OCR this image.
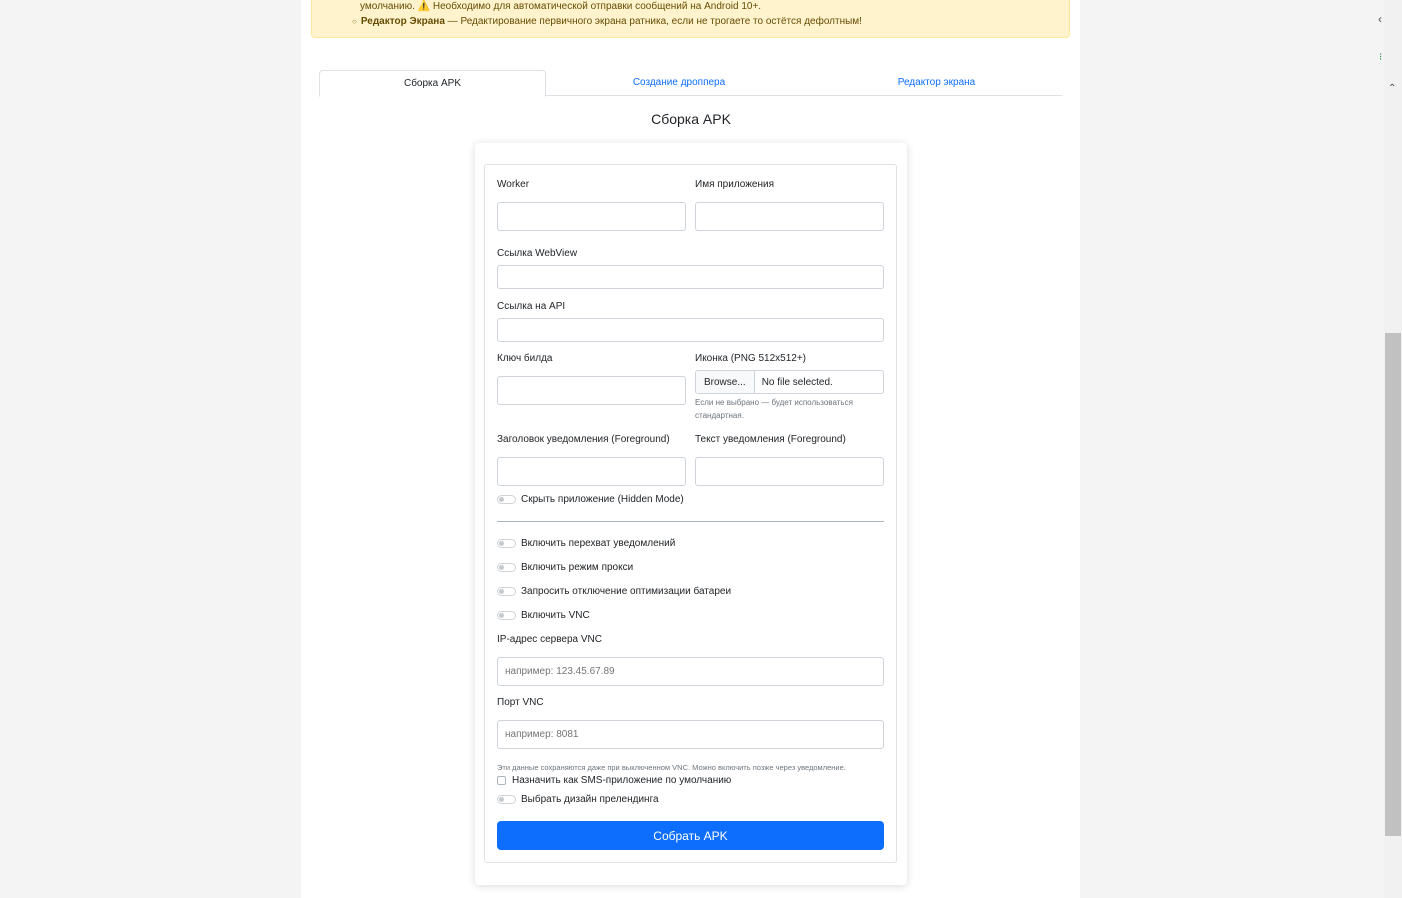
умолчанию. ⚠️ Необходимо для автоматической отправки сообщений на Android 10+.
○ Редактор Экрана — Редактирование первичного экрана ратника, если не трогаете то остётся дефолтным!
Сборка APK	Создание дроппера	Редактор экрана
Сборка APK
Worker	Имя приложения
Ссылка WebView
Ссылка на API
Ключ билда	Иконка (PNG 512x512+)
Browse...	No file selected.
Если не выбрано — будет использоваться
стандартная.
Заголовок уведомления (Foreground)	Текст уведомления (Foreground)
Скрыть приложение (Hidden Mode)
Включить перехват уведомлений
Включить режим прокси
Запросить отключение оптимизации батареи
Включить VNC
IP-адрес сервера VNC
например: 123.45.67.89
Порт VNC
например: 8081
Эти данные сохраняются даже при выключенном VNC. Можно включить позже через уведомление.
Назначить как SMS-приложение по умолчанию
Выбрать дизайн прелендинга
Собрать APK
‹
⁝
⌃
